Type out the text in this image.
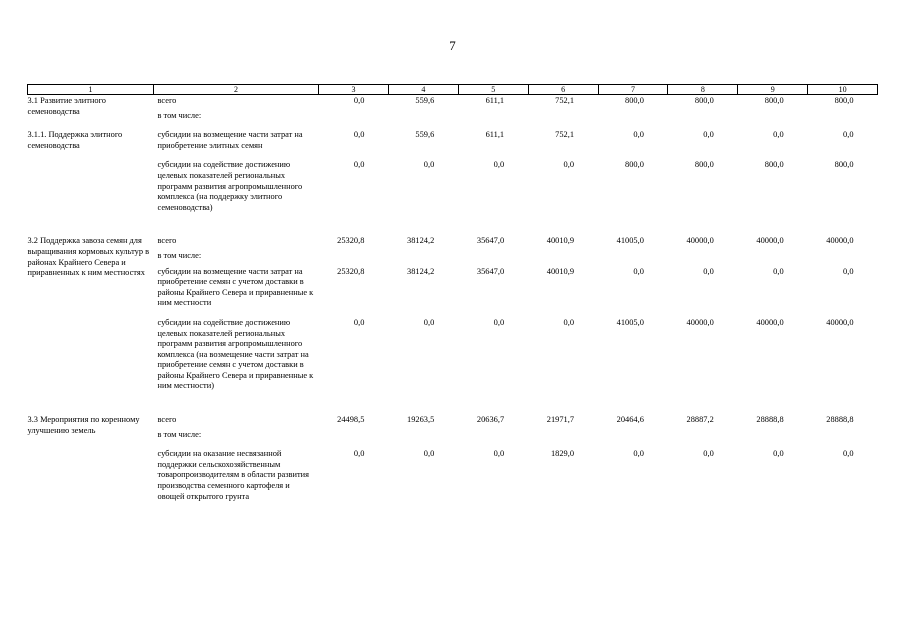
7
1	2	3	4	5	6	7	8	9	10
3.1 Развитие элитного семеноводства	всего	0,0	559,6	611,1	752,1	800,0	800,0	800,0	800,0
	в том числе:								
3.1.1. Поддержка элитного семеноводства	субсидии на возмещение части затрат на приобретение элитных семян	0,0	559,6	611,1	752,1	0,0	0,0	0,0	0,0
	субсидии на содействие достижению целевых показателей региональных программ развития агропромышленного комплекса (на поддержку элитного семеноводства)	0,0	0,0	0,0	0,0	800,0	800,0	800,0	800,0

3.2 Поддержка завоза семян для выращивания кормовых культур в районах Крайнего Севера и приравненных к ним местностях	всего	25320,8	38124,2	35647,0	40010,9	41005,0	40000,0	40000,0	40000,0
	в том числе:								
	субсидии на возмещение части затрат на приобретение семян с учетом доставки в районы Крайнего Севера и приравненные к ним местности	25320,8	38124,2	35647,0	40010,9	0,0	0,0	0,0	0,0
	субсидии на содействие достижению целевых показателей региональных программ развития агропромышленного комплекса (на возмещение части затрат на приобретение семян с учетом доставки в районы Крайнего Севера и приравненные к ним местности)	0,0	0,0	0,0	0,0	41005,0	40000,0	40000,0	40000,0

3.3 Мероприятия по коренному улучшению земель	всего	24498,5	19263,5	20636,7	21971,7	20464,6	28887,2	28888,8	28888,8
	в том числе:								
	субсидии на оказание несвязанной поддержки сельскохозяйственным товаропроизводителям в области развития производства семенного картофеля и овощей открытого грунта	0,0	0,0	0,0	1829,0	0,0	0,0	0,0	0,0
